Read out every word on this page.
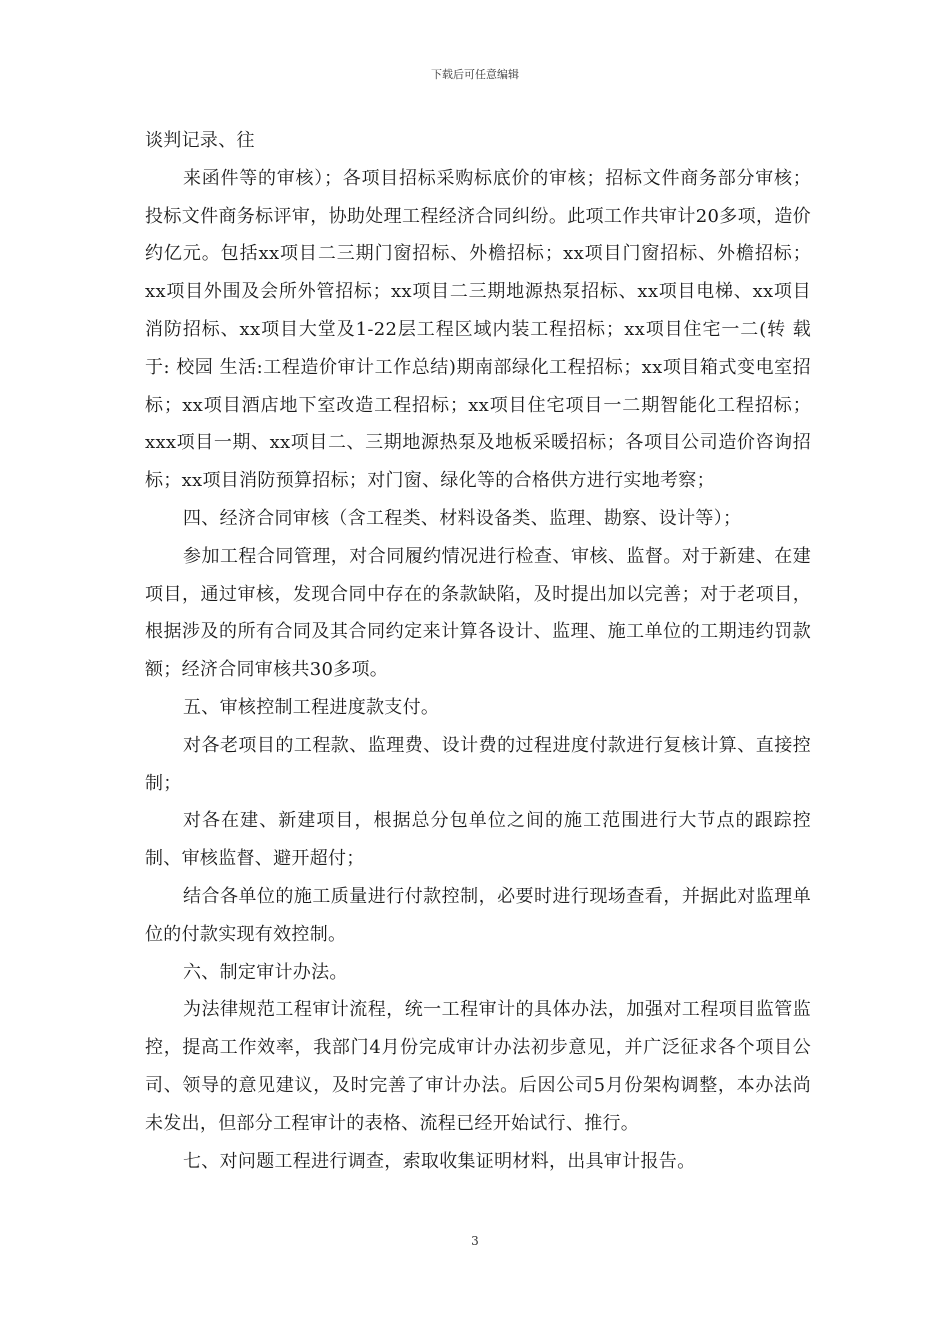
下载后可任意编辑

谈判记录、往

来函件等的审核）；各项目招标采购标底价的审核；招标文件商务部分审核；投标文件商务标评审，协助处理工程经济合同纠纷。此项工作共审计20多项，造价约亿元。包括xx项目二三期门窗招标、外檐招标；xx项目门窗招标、外檐招标；xx项目外围及会所外管招标；xx项目二三期地源热泵招标、xx项目电梯、xx项目消防招标、xx项目大堂及1-22层工程区域内装工程招标；xx项目住宅一二(转 载于: 校园 生活:工程造价审计工作总结)期南部绿化工程招标；xx项目箱式变电室招标；xx项目酒店地下室改造工程招标；xx项目住宅项目一二期智能化工程招标；xxx项目一期、xx项目二、三期地源热泵及地板采暖招标；各项目公司造价咨询招标；xx项目消防预算招标；对门窗、绿化等的合格供方进行实地考察；

四、经济合同审核（含工程类、材料设备类、监理、勘察、设计等）；

参加工程合同管理，对合同履约情况进行检查、审核、监督。对于新建、在建项目，通过审核，发现合同中存在的条款缺陷，及时提出加以完善；对于老项目，根据涉及的所有合同及其合同约定来计算各设计、监理、施工单位的工期违约罚款额；经济合同审核共30多项。

五、审核控制工程进度款支付。

对各老项目的工程款、监理费、设计费的过程进度付款进行复核计算、直接控制；

对各在建、新建项目，根据总分包单位之间的施工范围进行大节点的跟踪控制、审核监督、避开超付；

结合各单位的施工质量进行付款控制，必要时进行现场查看，并据此对监理单位的付款实现有效控制。

六、制定审计办法。

为法律规范工程审计流程，统一工程审计的具体办法，加强对工程项目监管监控，提高工作效率，我部门4月份完成审计办法初步意见，并广泛征求各个项目公司、领导的意见建议，及时完善了审计办法。后因公司5月份架构调整，本办法尚未发出，但部分工程审计的表格、流程已经开始试行、推行。

七、对问题工程进行调查，索取收集证明材料，出具审计报告。

3
